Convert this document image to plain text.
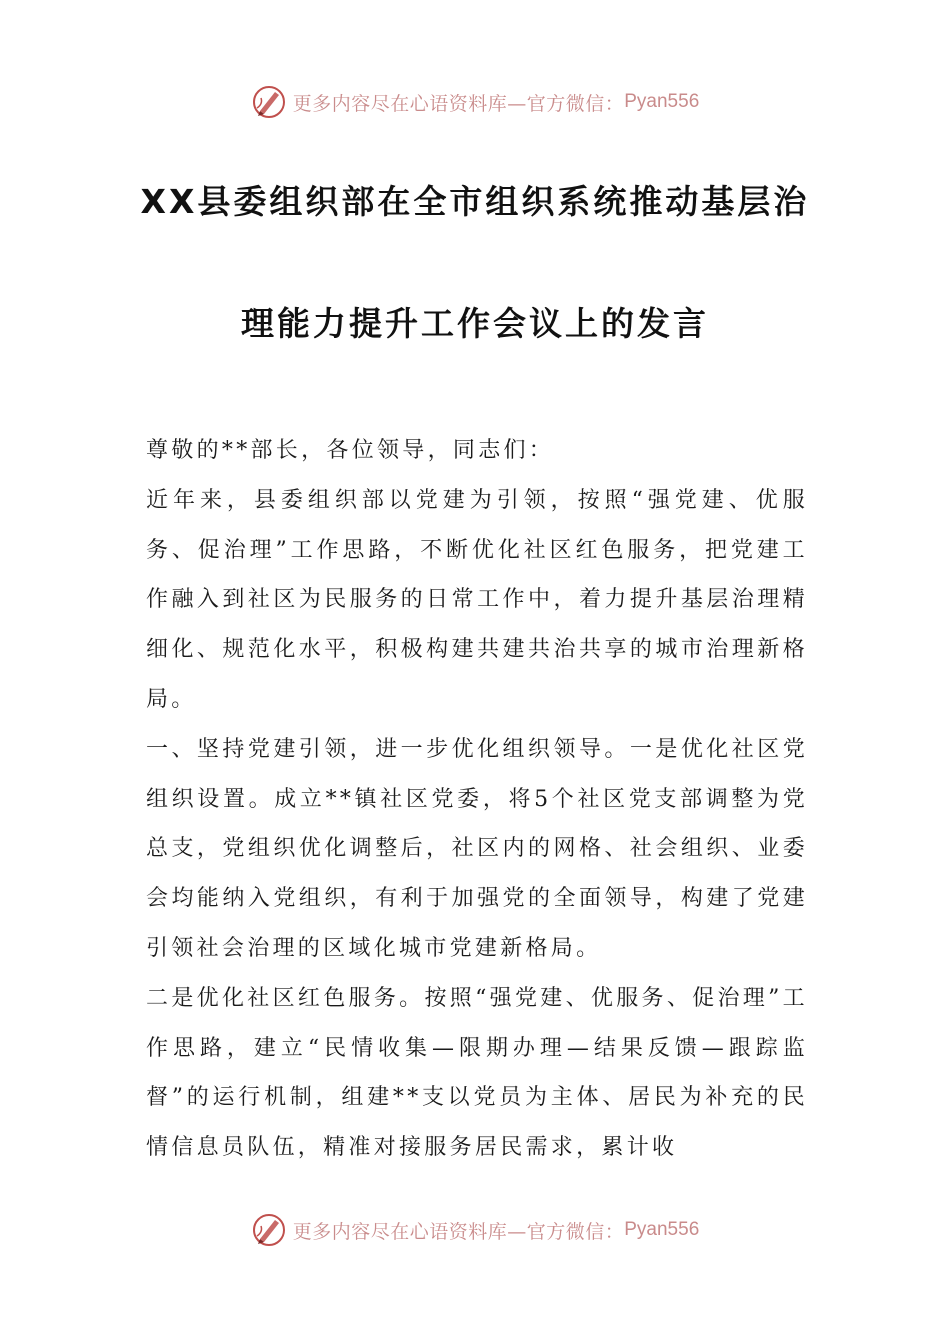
更多内容尽在心语资料库—官方微信： Pyan556
XX县委组织部在全市组织系统推动基层治
理能力提升工作会议上的发言

尊敬的**部长，各位领导，同志们：

近年来，县委组织部以党建为引领，按照“强党建、优服务、促治理”工作思路，不断优化社区红色服务，把党建工作融入到社区为民服务的日常工作中，着力提升基层治理精细化、规范化水平，积极构建共建共治共享的城市治理新格局。

一、坚持党建引领，进一步优化组织领导。一是优化社区党组织设置。成立**镇社区党委，将5个社区党支部调整为党总支，党组织优化调整后，社区内的网格、社会组织、业委会均能纳入党组织，有利于加强党的全面领导，构建了党建引领社会治理的区域化城市党建新格局。

二是优化社区红色服务。按照“强党建、优服务、促治理”工作思路，建立“民情收集—限期办理—结果反馈—跟踪监督”的运行机制，组建**支以党员为主体、居民为补充的民情信息员队伍，精准对接服务居民需求，累计收

更多内容尽在心语资料库—官方微信： Pyan556
